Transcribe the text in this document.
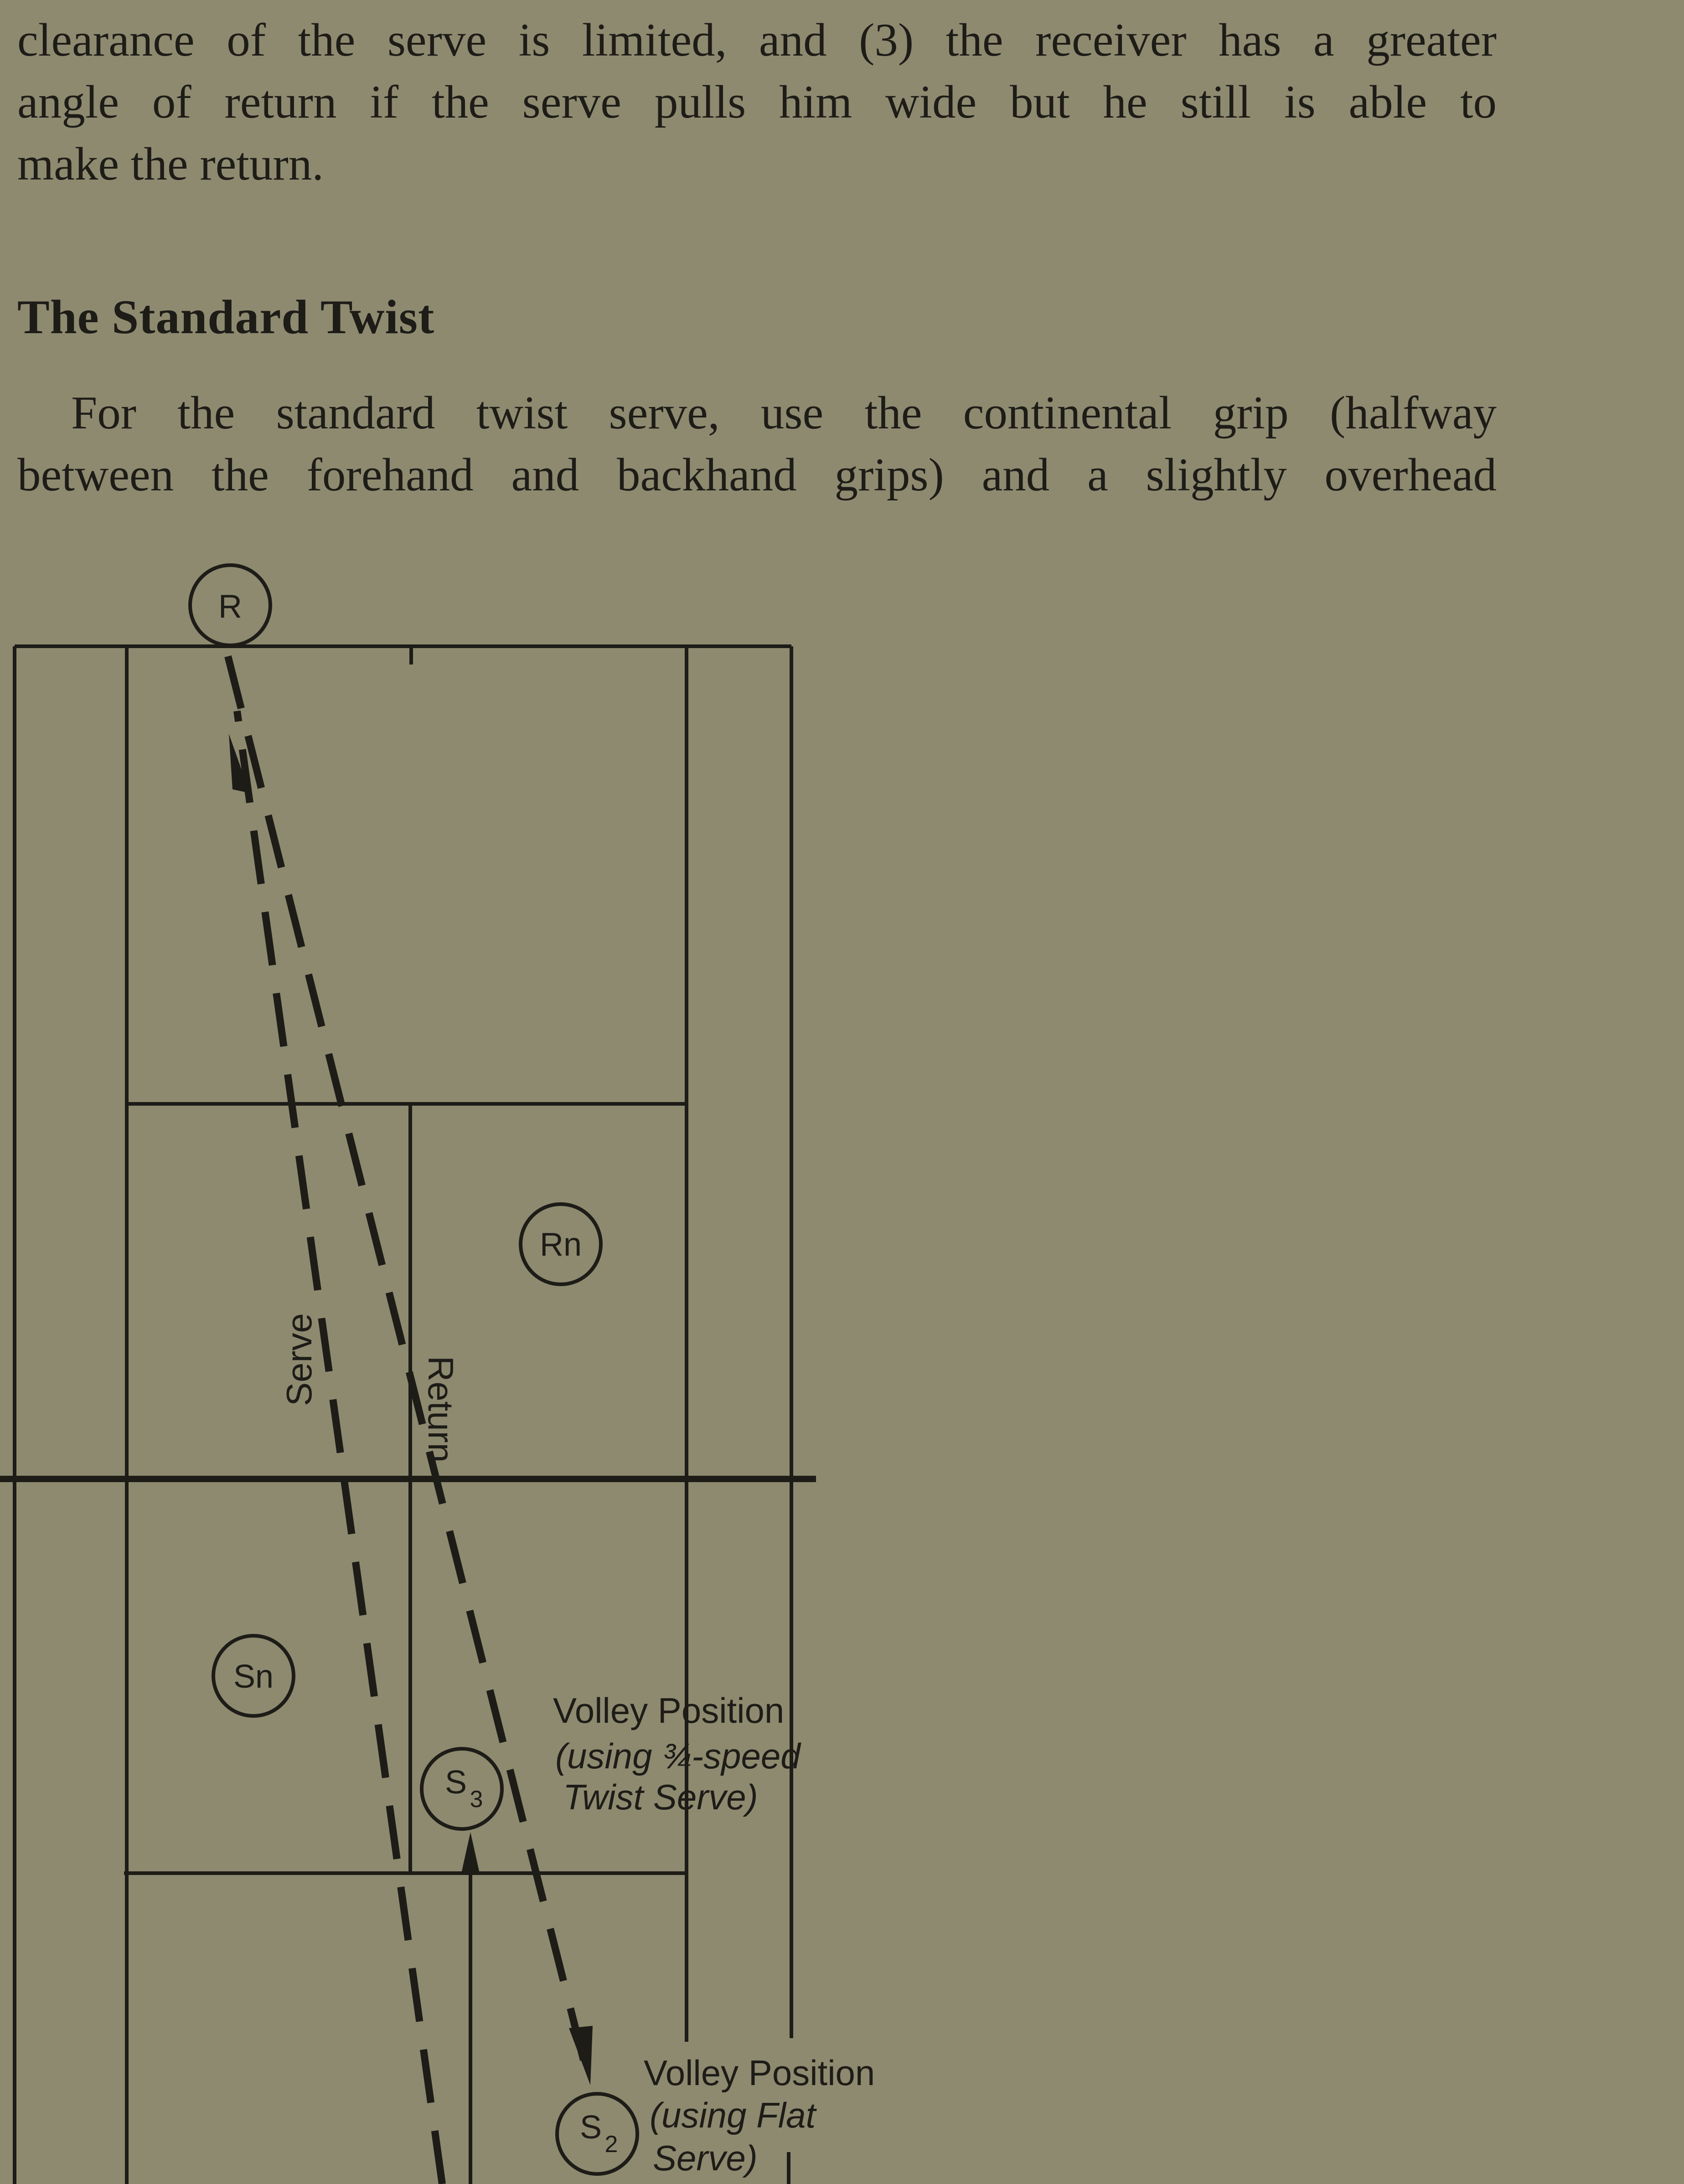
clearance of the serve is limited, and (3) the receiver has a greater
angle of return if the serve pulls him wide but he still is able to
make the return.

The Standard Twist

For the standard twist serve, use the continental grip (halfway
between the forehand and backhand grips) and a slightly overhead

R
Rn
Sn
S 3
S 2
Serve	Return
Volley Position
(using ¾-speed
Twist Serve)
Volley Position
(using Flat
Serve)
